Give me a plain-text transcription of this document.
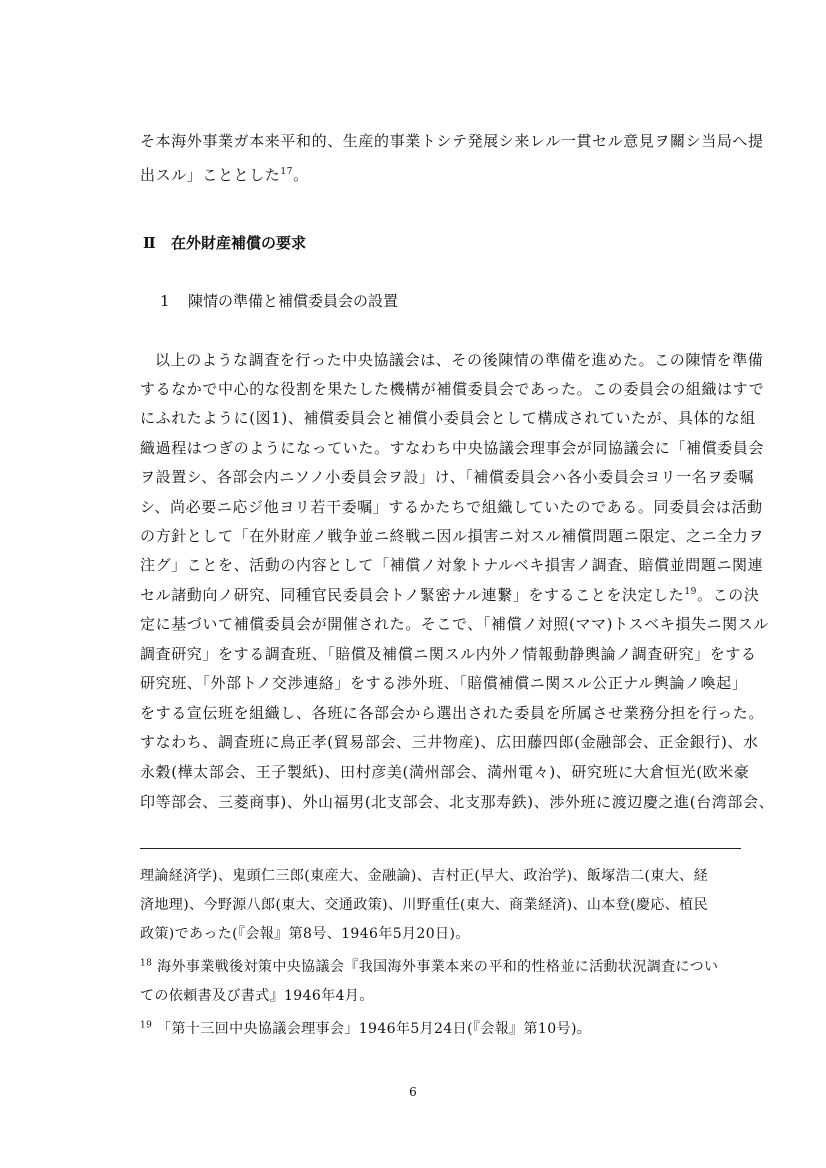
そ本海外事業ガ本来平和的、生産的事業トシテ発展シ来レル一貫セル意見ヲ關シ当局へ提
出スル」こととした$^{17}$。
Ⅱ 在外財産補償の要求
1 陳情の準備と補償委員会の設置
以上のような調査を行った中央協議会は、その後陳情の準備を進めた。この陳情を準備
するなかで中心的な役割を果たした機構が補償委員会であった。この委員会の組織はすで
にふれたように(図1)、補償委員会と補償小委員会として構成されていたが、具体的な組
織過程はつぎのようになっていた。すなわち中央協議会理事会が同協議会に「補償委員会
ヲ設置シ、各部会内ニソノ小委員会ヲ設」け、「補償委員会ハ各小委員会ヨリ一名ヲ委嘱
シ、尚必要ニ応ジ他ヨリ若干委嘱」するかたちで組織していたのである。同委員会は活動
の方針として「在外財産ノ戦争並ニ終戦ニ因ル損害ニ対スル補償問題ニ限定、之ニ全力ヲ
注グ」ことを、活動の内容として「補償ノ対象トナルベキ損害ノ調査、賠償並問題ニ関連
セル諸動向ノ研究、同種官民委員会トノ緊密ナル連繋」をすることを決定した$^{19}$。この決
定に基づいて補償委員会が開催された。そこで、「補償ノ対照(ママ)トスベキ損失ニ関スル
調査研究」をする調査班、「賠償及補償ニ関スル内外ノ情報動静輿論ノ調査研究」をする
研究班、「外部トノ交渉連絡」をする渉外班、「賠償補償ニ関スル公正ナル輿論ノ喚起」
をする宣伝班を組織し、各班に各部会から選出された委員を所属させ業務分担を行った。
すなわち、調査班に鳥正孝(貿易部会、三井物産)、広田藤四郎(金融部会、正金銀行)、水
永穀(樺太部会、王子製紙)、田村彦美(満州部会、満州電々)、研究班に大倉恒光(欧米豪
印等部会、三菱商事)、外山福男(北支部会、北支那寿鉄)、渉外班に渡辺慶之進(台湾部会、
理論経済学)、鬼頭仁三郎(東産大、金融論)、吉村正(早大、政治学)、飯塚浩二(東大、経
済地理)、今野源八郎(東大、交通政策)、川野重任(東大、商業経済)、山本登(慶応、植民
政策)であった(『会報』第8号、1946年5月20日)。
$^{18}$ 海外事業戦後対策中央協議会『我国海外事業本来の平和的性格並に活動状況調査につい
ての依頼書及び書式』1946年4月。
$^{19}$ 「第十三回中央協議会理事会」1946年5月24日(『会報』第10号)。
6
